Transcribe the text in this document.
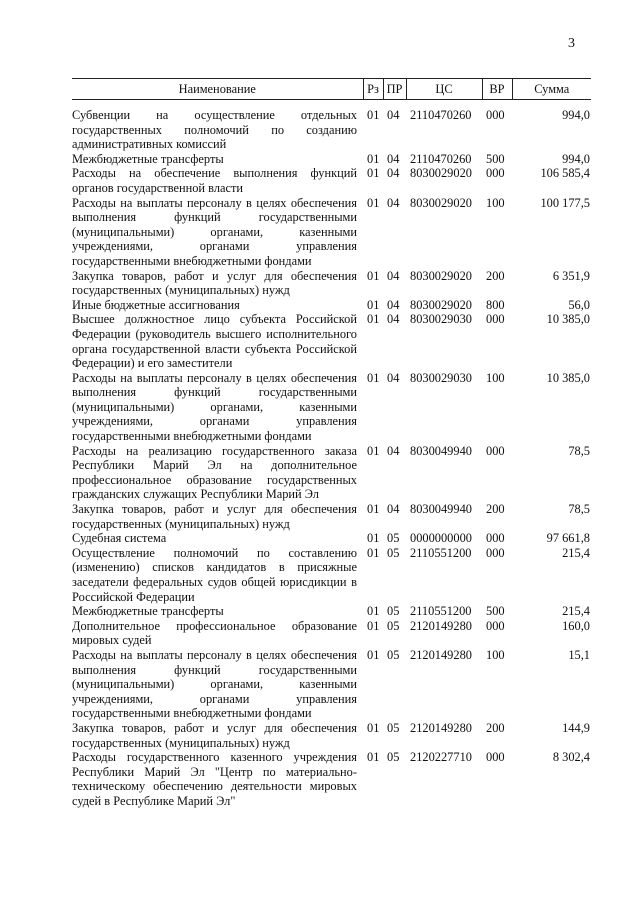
3
Наименование	Рз	ПР	ЦС	ВР	Сумма
Субвенции на осуществление отдельных государственных полномочий по созданию административных комиссий	01	04	2110470260	000	994,0
Межбюджетные трансферты	01	04	2110470260	500	994,0
Расходы на обеспечение выполнения функций органов государственной власти	01	04	8030029020	000	106 585,4
Расходы на выплаты персоналу в целях обеспечения выполнения функций государственными (муниципальными) органами, казенными учреждениями, органами управления государственными внебюджетными фондами	01	04	8030029020	100	100 177,5
Закупка товаров, работ и услуг для обеспечения государственных (муниципальных) нужд	01	04	8030029020	200	6 351,9
Иные бюджетные ассигнования	01	04	8030029020	800	56,0
Высшее должностное лицо субъекта Российской Федерации (руководитель высшего исполнительного органа государственной власти субъекта Российской Федерации) и его заместители	01	04	8030029030	000	10 385,0
Расходы на выплаты персоналу в целях обеспечения выполнения функций государственными (муниципальными) органами, казенными учреждениями, органами управления государственными внебюджетными фондами	01	04	8030029030	100	10 385,0
Расходы на реализацию государственного заказа Республики Марий Эл на дополнительное профессиональное образование государственных гражданских служащих Республики Марий Эл	01	04	8030049940	000	78,5
Закупка товаров, работ и услуг для обеспечения государственных (муниципальных) нужд	01	04	8030049940	200	78,5
Судебная система	01	05	0000000000	000	97 661,8
Осуществление полномочий по составлению (изменению) списков кандидатов в присяжные заседатели федеральных судов общей юрисдикции в Российской Федерации	01	05	2110551200	000	215,4
Межбюджетные трансферты	01	05	2110551200	500	215,4
Дополнительное профессиональное образование мировых судей	01	05	2120149280	000	160,0
Расходы на выплаты персоналу в целях обеспечения выполнения функций государственными (муниципальными) органами, казенными учреждениями, органами управления государственными внебюджетными фондами	01	05	2120149280	100	15,1
Закупка товаров, работ и услуг для обеспечения государственных (муниципальных) нужд	01	05	2120149280	200	144,9
Расходы государственного казенного учреждения Республики Марий Эл "Центр по материально-техническому обеспечению деятельности мировых судей в Республике Марий Эл"	01	05	2120227710	000	8 302,4
